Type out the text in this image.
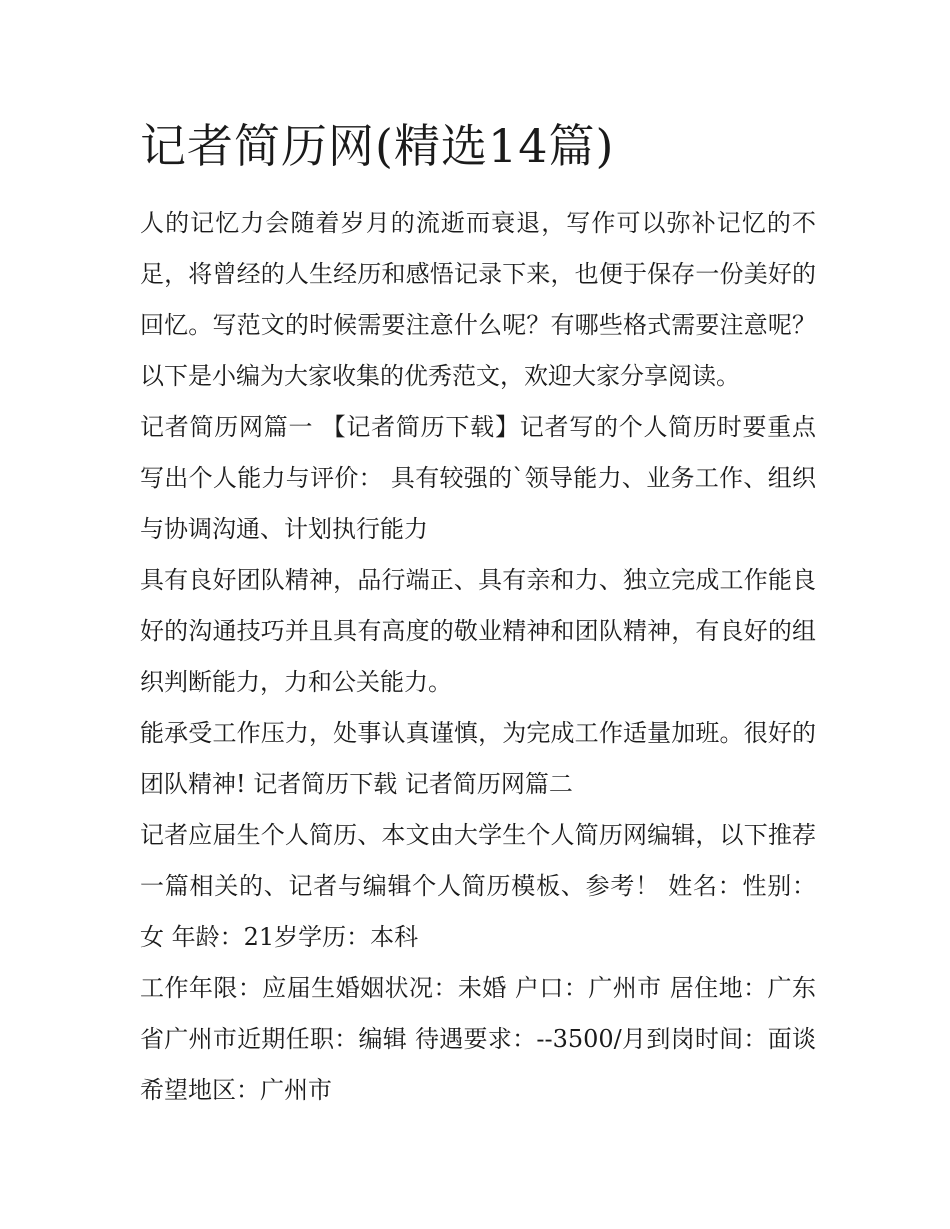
记者简历网(精选14篇)

人的记忆力会随着岁月的流逝而衰退，写作可以弥补记忆的不足，将曾经的人生经历和感悟记录下来，也便于保存一份美好的回忆。写范文的时候需要注意什么呢？有哪些格式需要注意呢？以下是小编为大家收集的优秀范文，欢迎大家分享阅读。

记者简历网篇一 【记者简历下载】记者写的个人简历时要重点写出个人能力与评价： 具有较强的`领导能力、业务工作、组织与协调沟通、计划执行能力

具有良好团队精神，品行端正、具有亲和力、独立完成工作能良好的沟通技巧并且具有高度的敬业精神和团队精神，有良好的组织判断能力，力和公关能力。

能承受工作压力，处事认真谨慎，为完成工作适量加班。很好的团队精神! 记者简历下载 记者简历网篇二

记者应届生个人简历、本文由大学生个人简历网编辑，以下推荐一篇相关的、记者与编辑个人简历模板、参考！ 姓名：性别：女 年龄：21岁学历：本科

工作年限：应届生婚姻状况：未婚 户口：广州市 居住地：广东省广州市近期任职：编辑 待遇要求：--3500/月到岗时间：面谈 希望地区：广州市
